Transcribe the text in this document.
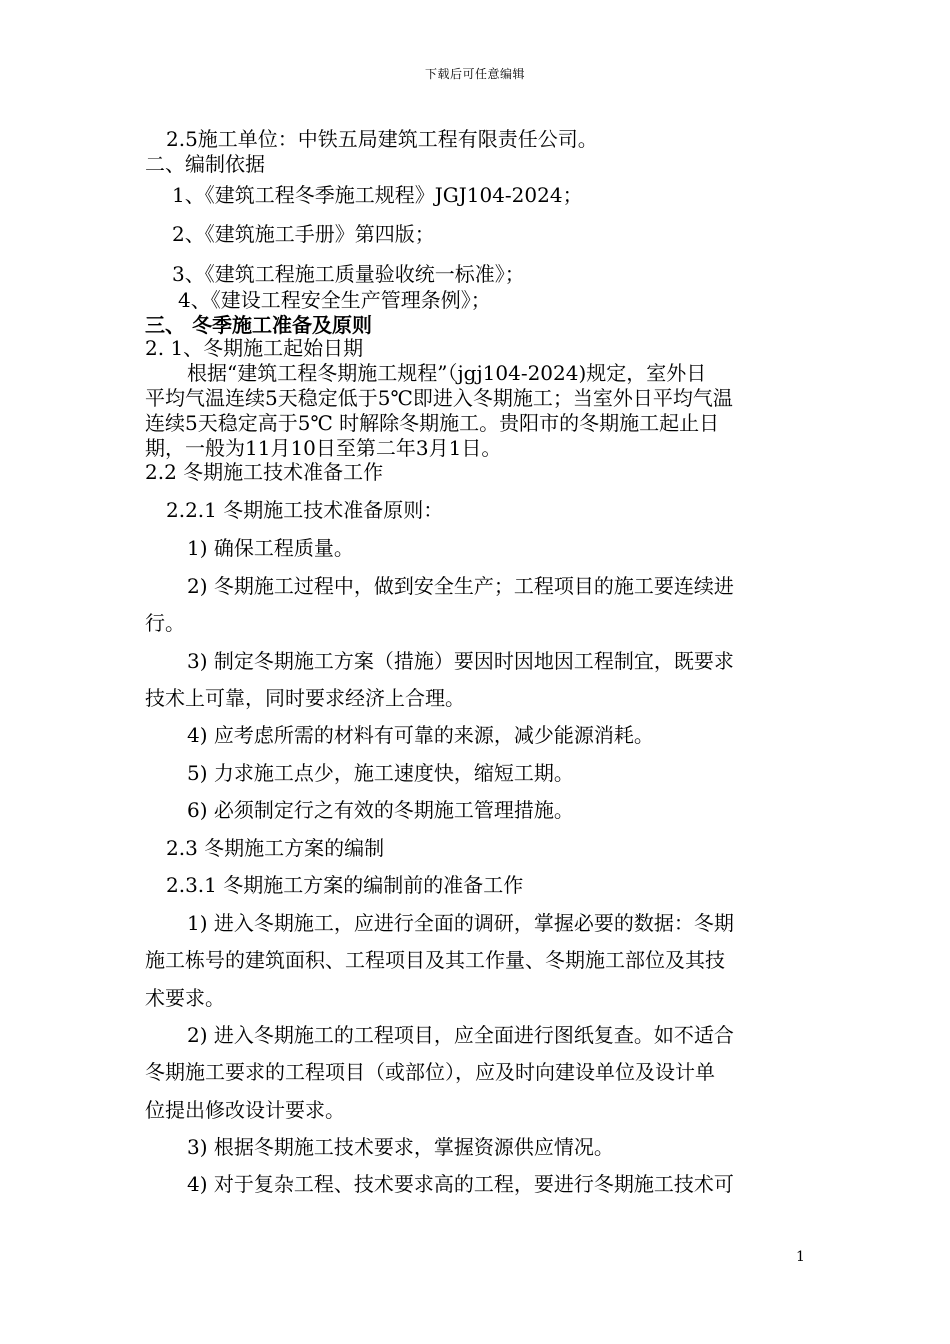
下载后可任意编辑
2.5施工单位：中铁五局建筑工程有限责任公司。
二、编制依据
1、《建筑工程冬季施工规程》JGJ104-2024；
2、《建筑施工手册》第四版；
3、《建筑工程施工质量验收统一标准》；
4、《建设工程安全生产管理条例》；
三、 冬季施工准备及原则
2. 1、冬期施工起始日期
根据“建筑工程冬期施工规程”（jgj104-2024)规定，室外日
平均气温连续5天稳定低于5℃即进入冬期施工；当室外日平均气温
连续5天稳定高于5℃ 时解除冬期施工。贵阳市的冬期施工起止日
期，一般为11月10日至第二年3月1日。
2.2 冬期施工技术准备工作
2.2.1 冬期施工技术准备原则：
1) 确保工程质量。
2) 冬期施工过程中，做到安全生产；工程项目的施工要连续进
行。
3) 制定冬期施工方案（措施）要因时因地因工程制宜，既要求
技术上可靠，同时要求经济上合理。
4) 应考虑所需的材料有可靠的来源，减少能源消耗。
5) 力求施工点少，施工速度快，缩短工期。
6) 必须制定行之有效的冬期施工管理措施。
2.3 冬期施工方案的编制
2.3.1 冬期施工方案的编制前的准备工作
1) 进入冬期施工，应进行全面的调研，掌握必要的数据：冬期
施工栋号的建筑面积、工程项目及其工作量、冬期施工部位及其技
术要求。
2) 进入冬期施工的工程项目，应全面进行图纸复查。如不适合
冬期施工要求的工程项目（或部位），应及时向建设单位及设计单
位提出修改设计要求。
3) 根据冬期施工技术要求，掌握资源供应情况。
4) 对于复杂工程、技术要求高的工程，要进行冬期施工技术可
1
